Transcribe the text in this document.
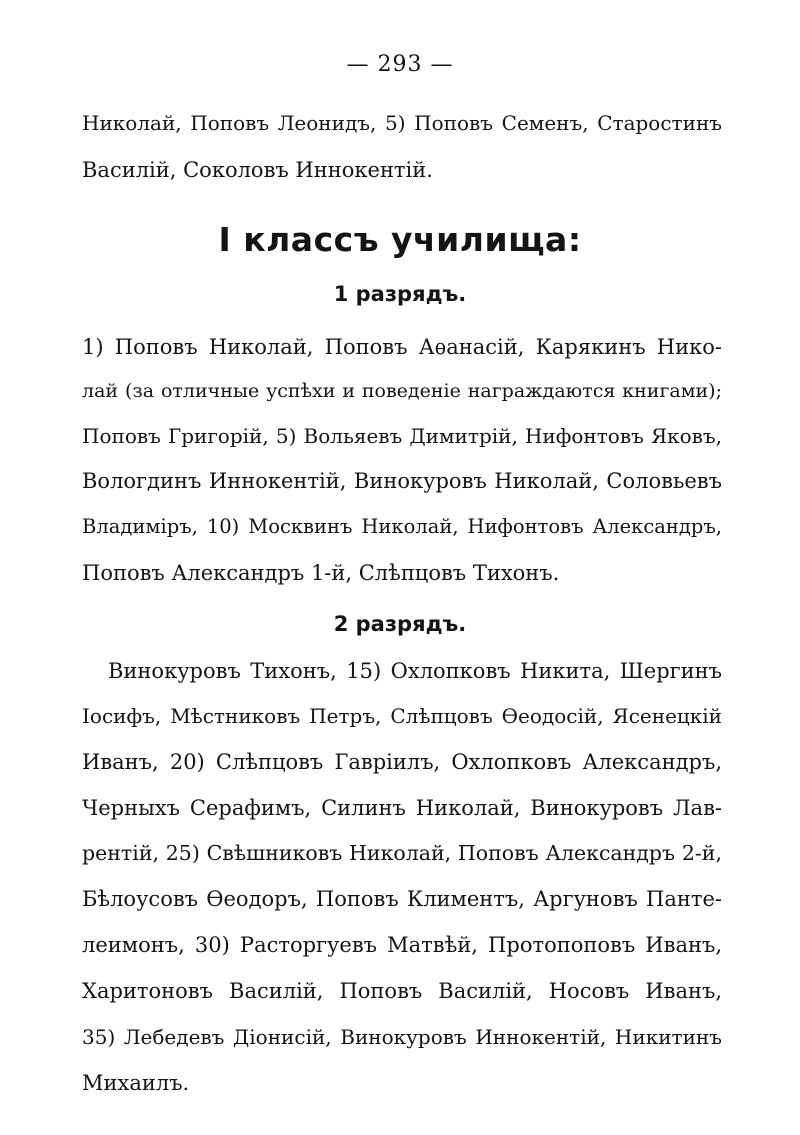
— 293 —
Николай, Поповъ Леонидъ, 5) Поповъ Семенъ, Старостинъ
Василій, Соколовъ Иннокентій.
I классъ училища:
1 разрядъ.
1) Поповъ Николай, Поповъ Аѳанасій, Карякинъ Нико-
лай (за отличные успѣхи и поведеніе награждаются книгами);
Поповъ Григорій, 5) Вольяевъ Димитрій, Нифонтовъ Яковъ,
Вологдинъ Иннокентій, Винокуровъ Николай, Соловьевъ
Владиміръ, 10) Москвинъ Николай, Нифонтовъ Александръ,
Поповъ Александръ 1-й, Слѣпцовъ Тихонъ.
2 разрядъ.
Винокуровъ Тихонъ, 15) Охлопковъ Никита, Шергинъ
Іосифъ, Мѣстниковъ Петръ, Слѣпцовъ Ѳеодосій, Ясенецкій
Иванъ, 20) Слѣпцовъ Гавріилъ, Охлопковъ Александръ,
Черныхъ Серафимъ, Силинъ Николай, Винокуровъ Лав-
рентій, 25) Свѣшниковъ Николай, Поповъ Александръ 2-й,
Бѣлоусовъ Ѳеодоръ, Поповъ Климентъ, Аргуновъ Панте-
леимонъ, 30) Расторгуевъ Матвѣй, Протопоповъ Иванъ,
Харитоновъ Василій, Поповъ Василій, Носовъ Иванъ,
35) Лебедевъ Діонисій, Винокуровъ Иннокентій, Никитинъ
Михаилъ.
